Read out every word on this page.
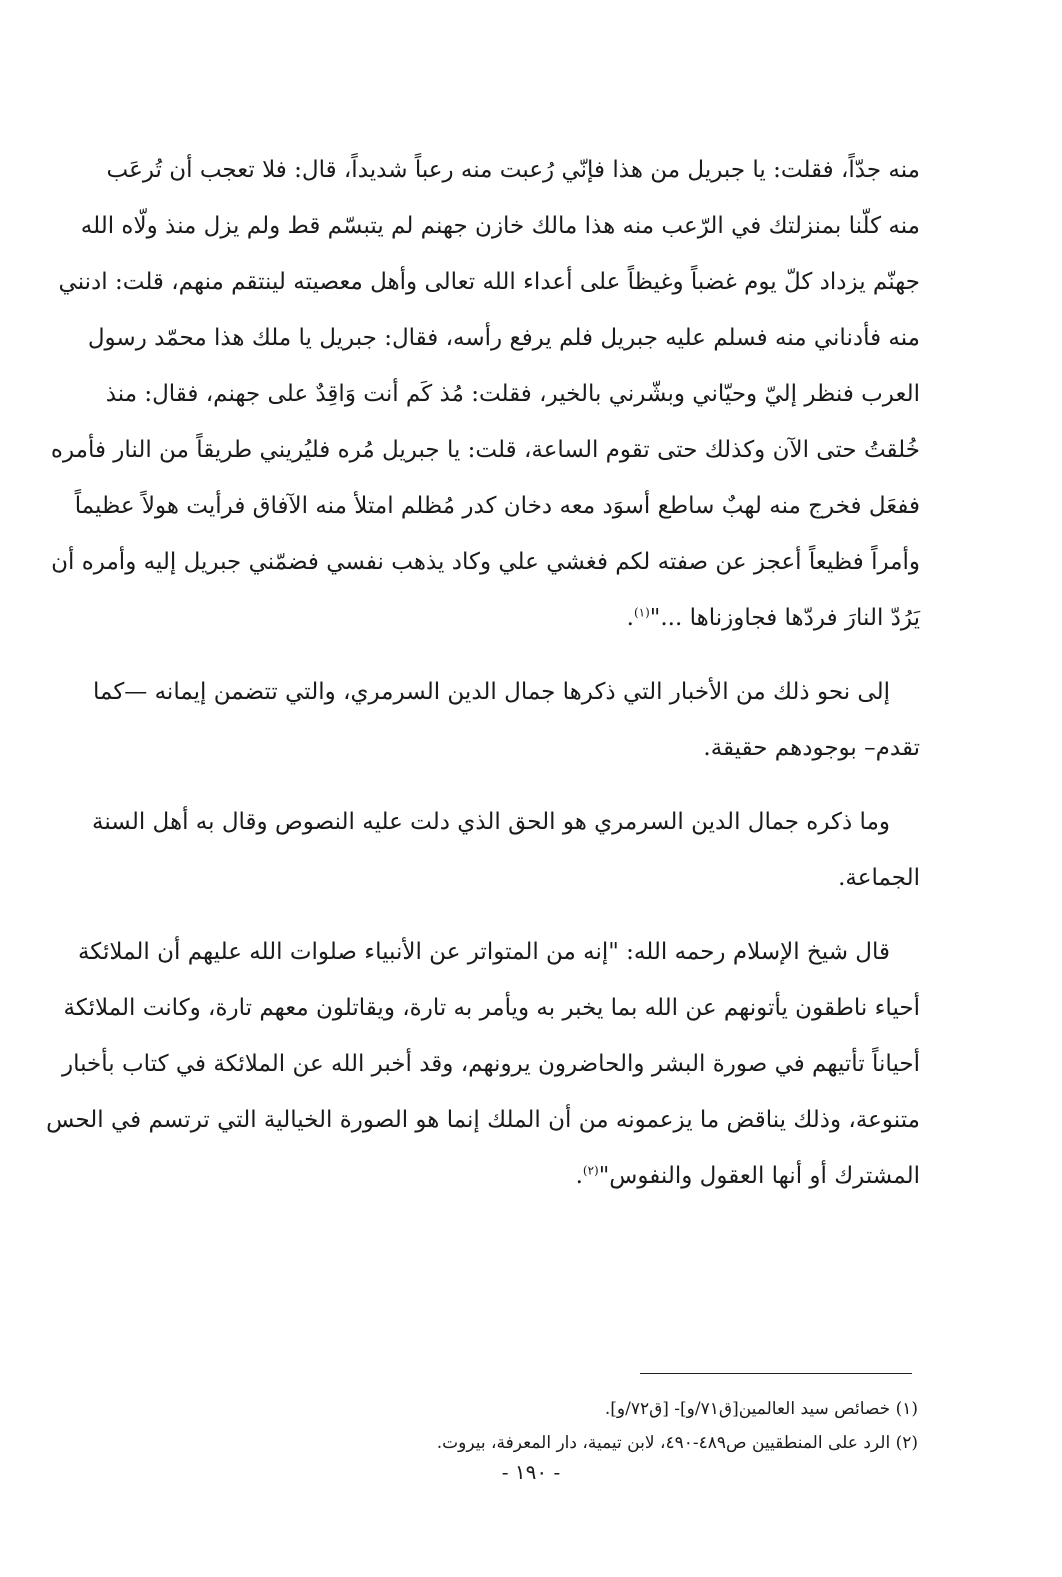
منه جدّاً، فقلت: يا جبريل من هذا فإنّي رُعبت منه رعباً شديداً، قال: فلا تعجب أن تُرعَب
منه كلّنا بمنزلتك في الرّعب منه هذا مالك خازن جهنم لم يتبسّم قط ولم يزل منذ ولّاه الله
جهنّم يزداد كلّ يوم غضباً وغيظاً على أعداء الله تعالى وأهل معصيته لينتقم منهم، قلت: ادنني
منه فأدناني منه فسلم عليه جبريل فلم يرفع رأسه، فقال: جبريل يا ملك هذا محمّد رسول
العرب فنظر إليّ وحيّاني وبشّرني بالخير، فقلت: مُذ كَم أنت وَاقِدٌ على جهنم، فقال: منذ
خُلقتُ حتى الآن وكذلك حتى تقوم الساعة، قلت: يا جبريل مُره فليُريني طريقاً من النار فأمره
ففعَل فخرج منه لهبٌ ساطع أسوَد معه دخان كدر مُظلم امتلأ منه الآفاق فرأيت هولاً عظيماً
وأمراً فظيعاً أعجز عن صفته لكم فغشي علي وكاد يذهب نفسي فضمّني جبريل إليه وأمره أن
يَرُدّ النارَ فردّها فجاوزناها ..."$^{(١)}$.
إلى نحو ذلك من الأخبار التي ذكرها جمال الدين السرمري، والتي تتضمن إيمانه —كما
تقدم– بوجودهم حقيقة.
وما ذكره جمال الدين السرمري هو الحق الذي دلت عليه النصوص وقال به أهل السنة
الجماعة.
قال شيخ الإسلام رحمه الله: "إنه من المتواتر عن الأنبياء صلوات الله عليهم أن الملائكة
أحياء ناطقون يأتونهم عن الله بما يخبر به ويأمر به تارة، ويقاتلون معهم تارة، وكانت الملائكة
أحياناً تأتيهم في صورة البشر والحاضرون يرونهم، وقد أخبر الله عن الملائكة في كتاب بأخبار
متنوعة، وذلك يناقض ما يزعمونه من أن الملك إنما هو الصورة الخيالية التي ترتسم في الحس
المشترك أو أنها العقول والنفوس"$^{(٢)}$.
(١) خصائص سيد العالمين[ق٧١/و]- [ق٧٢/و].
(٢) الرد على المنطقيين ص٤٨٩-٤٩٠، لابن تيمية، دار المعرفة، بيروت.
- ١٩٠ -
